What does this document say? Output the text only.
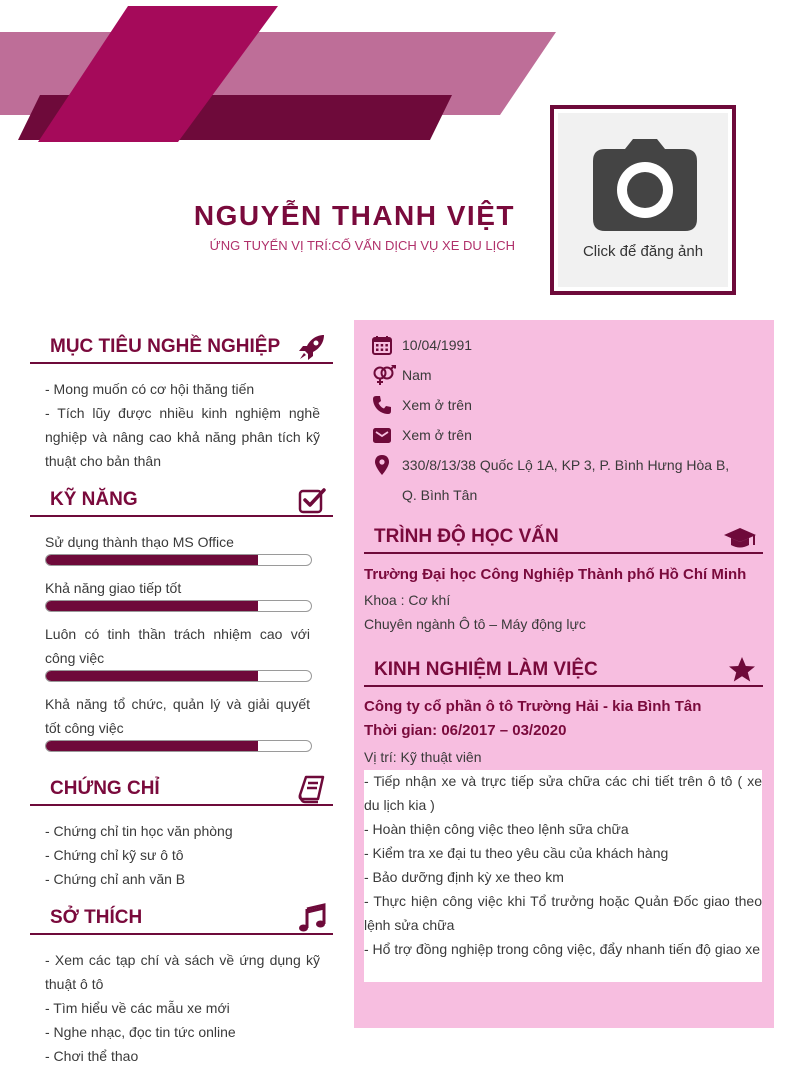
NGUYỄN THANH VIỆT
ỨNG TUYỂN VỊ TRÍ:CỐ VẤN DỊCH VỤ XE DU LỊCH	Click để đăng ảnh
MỤC TIÊU NGHỀ NGHIỆP
- Mong muốn có cơ hội thăng tiến
- Tích lũy được nhiều kinh nghiệm nghề nghiệp và nâng cao khả năng phân tích kỹ thuật cho bản thân
KỸ NĂNG
Sử dụng thành thạo MS Office
Khả năng giao tiếp tốt
Luôn có tinh thần trách nhiệm cao với công việc
Khả năng tổ chức, quản lý và giải quyết tốt công việc
CHỨNG CHỈ
- Chứng chỉ tin học văn phòng
- Chứng chỉ kỹ sư ô tô
- Chứng chỉ anh văn B
SỞ THÍCH
- Xem các tạp chí và sách về ứng dụng kỹ thuật ô tô
- Tìm hiểu về các mẫu xe mới
- Nghe nhạc, đọc tin tức online
- Chơi thể thao
10/04/1991
Nam
Xem ở trên
Xem ở trên
330/8/13/38 Quốc Lộ 1A, KP 3, P. Bình Hưng Hòa B,
Q. Bình Tân
TRÌNH ĐỘ HỌC VẤN
Trường Đại học Công Nghiệp Thành phố Hồ Chí Minh
Khoa : Cơ khí
Chuyên ngành Ô tô – Máy động lực
KINH NGHIỆM LÀM VIỆC
Công ty cổ phần ô tô Trường Hải - kia Bình Tân
Thời gian: 06/2017 – 03/2020
Vị trí: Kỹ thuật viên
- Tiếp nhận xe và trực tiếp sửa chữa các chi tiết trên ô tô ( xe du lịch kia )
- Hoàn thiện công việc theo lệnh sữa chữa
- Kiểm tra xe đại tu theo yêu cầu của khách hàng
- Bảo dưỡng định kỳ xe theo km
- Thực hiện công việc khi Tổ trưởng hoặc Quản Đốc giao theo lệnh sửa chữa
- Hổ trợ đồng nghiệp trong công việc, đẩy nhanh tiến độ giao xe
